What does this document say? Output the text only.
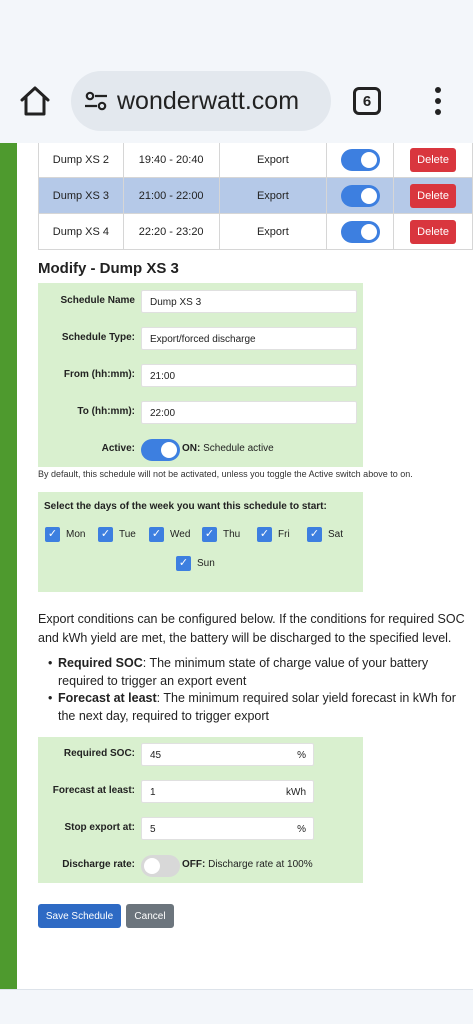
wonderwatt.com	6
Dump XS 2	19:40 - 20:40	Export		Delete
Dump XS 3	21:00 - 22:00	Export		Delete
Dump XS 4	22:20 - 23:20	Export		Delete
Modify - Dump XS 3
Schedule Name	Dump XS 3
Schedule Type:	Export/forced discharge
From (hh:mm):	21:00
To (hh:mm):	22:00
Active:	ON: Schedule active
By default, this schedule will not be activated, unless you toggle the Active switch above to on.
Select the days of the week you want this schedule to start:
✓ Mon ✓ Tue ✓ Wed ✓ Thu ✓ Fri ✓ Sat
✓ Sun
Export conditions can be configured below. If the conditions for required SOC and kWh yield are met, the battery will be discharged to the specified level.
• Required SOC: The minimum state of charge value of your battery required to trigger an export event
• Forecast at least: The minimum required solar yield forecast in kWh for the next day, required to trigger export
Required SOC:	45	%
Forecast at least:	1	kWh
Stop export at:	5	%
Discharge rate:	OFF: Discharge rate at 100%
Save Schedule	Cancel
